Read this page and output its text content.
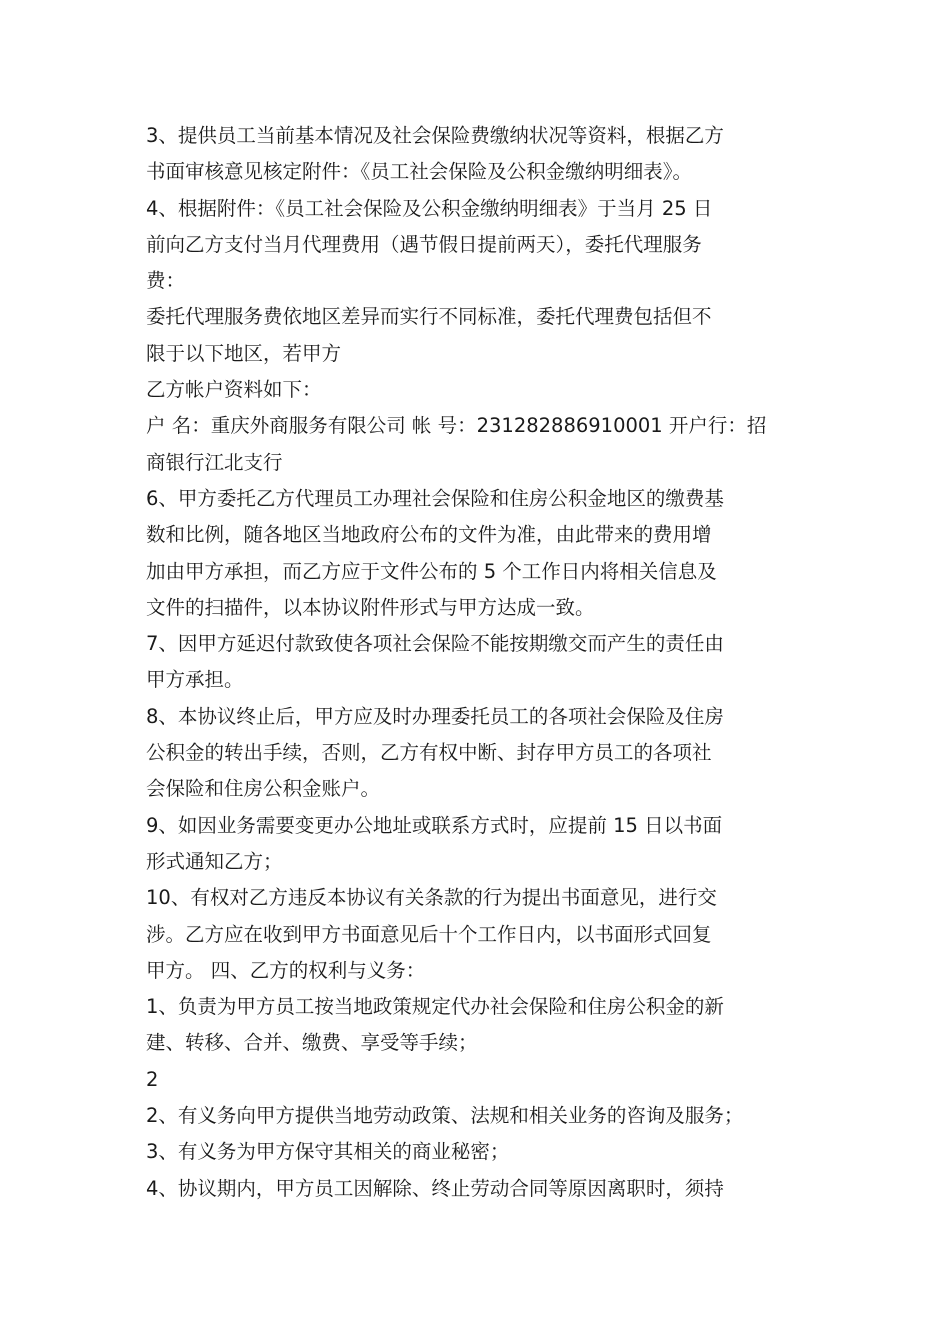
3、提供员工当前基本情况及社会保险费缴纳状况等资料，根据乙方
书面审核意见核定附件：《员工社会保险及公积金缴纳明细表》。
4、根据附件：《员工社会保险及公积金缴纳明细表》于当月 25 日
前向乙方支付当月代理费用（遇节假日提前两天），委托代理服务
费：
委托代理服务费依地区差异而实行不同标准，委托代理费包括但不
限于以下地区，若甲方
乙方帐户资料如下：
户 名：重庆外商服务有限公司 帐 号：231282886910001 开户行：招
商银行江北支行
6、甲方委托乙方代理员工办理社会保险和住房公积金地区的缴费基
数和比例，随各地区当地政府公布的文件为准，由此带来的费用增
加由甲方承担，而乙方应于文件公布的 5 个工作日内将相关信息及
文件的扫描件，以本协议附件形式与甲方达成一致。
7、因甲方延迟付款致使各项社会保险不能按期缴交而产生的责任由
甲方承担。
8、本协议终止后，甲方应及时办理委托员工的各项社会保险及住房
公积金的转出手续，否则，乙方有权中断、封存甲方员工的各项社
会保险和住房公积金账户。
9、如因业务需要变更办公地址或联系方式时，应提前 15 日以书面
形式通知乙方；
10、有权对乙方违反本协议有关条款的行为提出书面意见，进行交
涉。乙方应在收到甲方书面意见后十个工作日内，以书面形式回复
甲方。 四、乙方的权利与义务：
1、负责为甲方员工按当地政策规定代办社会保险和住房公积金的新
建、转移、合并、缴费、享受等手续；
2
2、有义务向甲方提供当地劳动政策、法规和相关业务的咨询及服务；
3、有义务为甲方保守其相关的商业秘密；
4、协议期内，甲方员工因解除、终止劳动合同等原因离职时，须持
